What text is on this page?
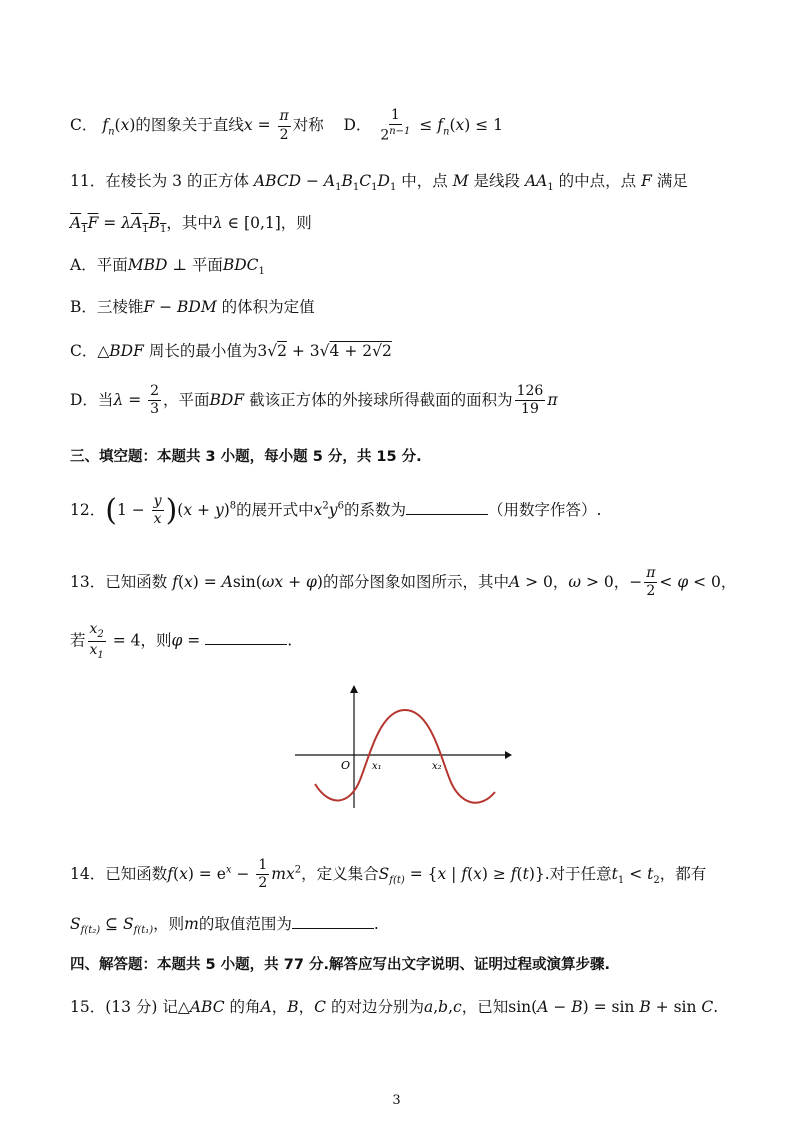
C． $f_n(x)$的图象关于直线$x = \frac{\pi}{2}$ 对称 D． $\frac{1}{2^{n-1}} \le f_n(x) \le 1$
11．在棱长为 3 的正方体 ABCD − $A_1B_1C_1D_1$ 中，点 M 是线段 $AA_1$ 的中点，点 F 满足
$\overline{A}_1\overline{F} = \lambda\overline{A}_1\overline{B}_1$，其中λ ∈ [0,1]，则
A．平面MBD ⊥ 平面$BDC_1$
B．三棱锥F − BDM 的体积为定值
C．△BDF 周长的最小值为3√2 + 3√4 + 2√2
D．当$\lambda = \frac{2}{3}$ ，平面BDF 截该正方体的外接球所得截面的面积为 $\frac{126}{19}$ π
三、填空题：本题共 3 小题，每小题 5 分，共 15 分.
12．$(1 - \frac{y}{x} )(x + y)^8$的展开式中$x^2y^6$的系数为	（用数字作答）.
13．已知函数 f(x) = Asin(ωx + φ)的部分图象如图所示，其中A > 0，ω > 0，− $\frac{\pi}{2} < \varphi < 0$，
若 $\frac{x_2}{x_1} = 4$，则φ =	.
O x₁	x₂
14．已知函数$f(x) = e^x - \frac{1}{2} mx^2$，定义集合$S_{f(t)} = \{x$ | f(x) ≥ f(t)}.对于任意$t_1 < t_2$，都有
$S_{f(t_2)}$ ⊆ $S_{f(t_1)}$，则m的取值范围为	.
四、解答题：本题共 5 小题，共 77 分.解答应写出文字说明、证明过程或演算步骤.
15．(13 分) 记△ABC 的角A，B，C 的对边分别为a,b,c，已知sin(A − B) = sin B + sin C.
3
